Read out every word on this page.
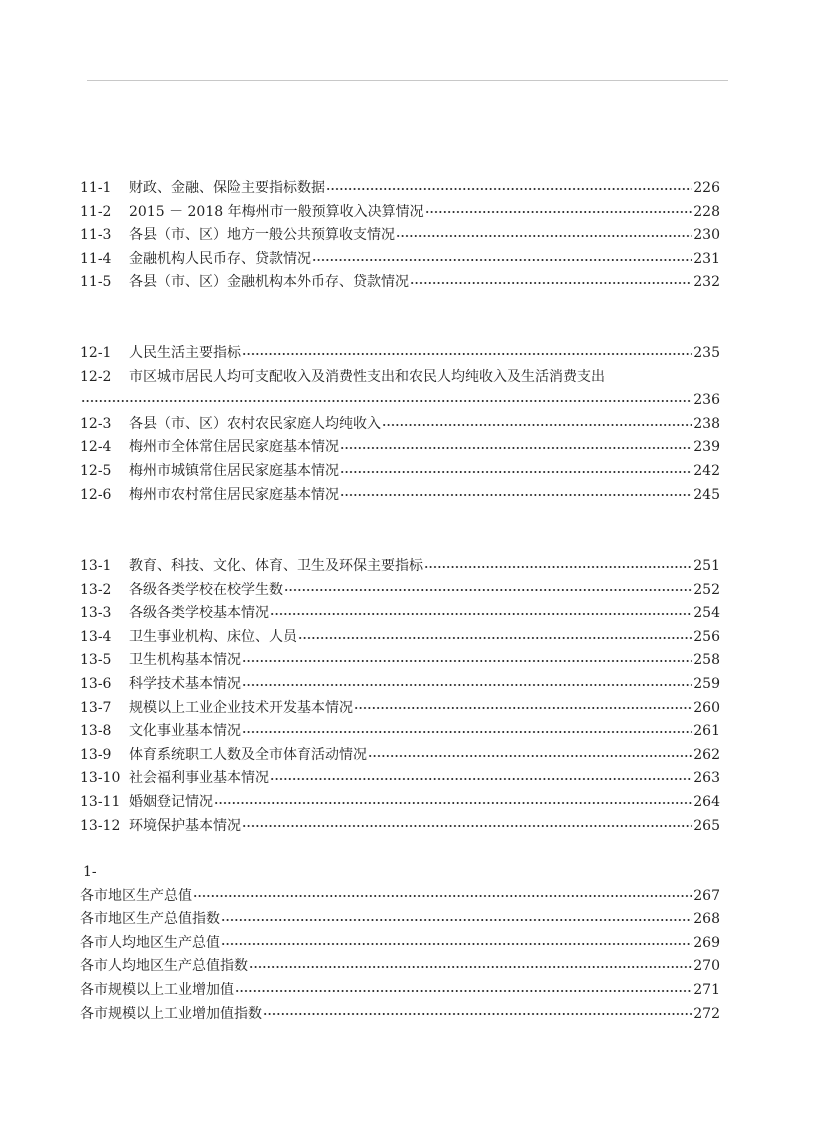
11-1	财政、金融、保险主要指标数据	226
11-2	2015 － 2018 年梅州市一般预算收入决算情况	228
11-3	各县（市、区）地方一般公共预算收支情况	230
11-4	金融机构人民币存、贷款情况	231
11-5	各县（市、区）金融机构本外币存、贷款情况	232
12-1	人民生活主要指标	235
12-2	市区城市居民人均可支配收入及消费性支出和农民人均纯收入及生活消费支出
236
12-3	各县（市、区）农村农民家庭人均纯收入	238
12-4	梅州市全体常住居民家庭基本情况	239
12-5	梅州市城镇常住居民家庭基本情况	242
12-6	梅州市农村常住居民家庭基本情况	245
13-1	教育、科技、文化、体育、卫生及环保主要指标	251
13-2	各级各类学校在校学生数	252
13-3	各级各类学校基本情况	254
13-4	卫生事业机构、床位、人员	256
13-5	卫生机构基本情况	258
13-6	科学技术基本情况	259
13-7	规模以上工业企业技术开发基本情况	260
13-8	文化事业基本情况	261
13-9	体育系统职工人数及全市体育活动情况	262
13-10 社会福利事业基本情况	263
13-11 婚姻登记情况	264
13-12 环境保护基本情况	265
1-
各市地区生产总值	267
各市地区生产总值指数	268
各市人均地区生产总值	269
各市人均地区生产总值指数	270
各市规模以上工业增加值	271
各市规模以上工业增加值指数	272
